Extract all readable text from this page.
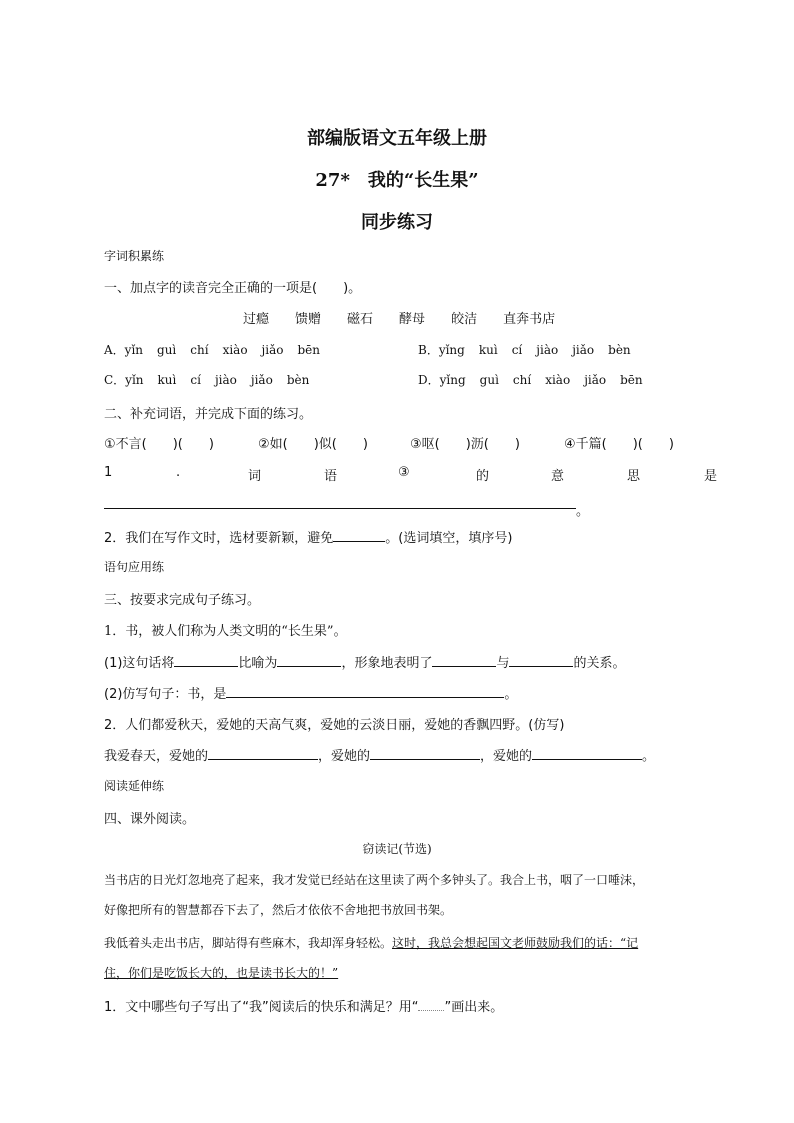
部编版语文五年级上册
27*　我的“长生果”
同步练习
字词积累练
一、加点字的读音完全正确的一项是(　　)。
过瘾 馈赠 磁石 酵母 皎洁 直奔书店
A．yǐn guì chí xiào jiǎo bēn	B．yǐng kuì cí jiào jiǎo bèn
C．yǐn kuì cí jiào jiǎo bèn	D．yǐng guì chí xiào jiǎo bēn
二、补充词语，并完成下面的练习。
①不言(　　)(　　)	②如(　　)似(　　)	③呕(　　)沥(　　)	④千篇(　　)(　　)
1	.	词	语	③	的	意	思	是
。
2．我们在写作文时，选材要新颖，避免	。(选词填空，填序号)
语句应用练
三、按要求完成句子练习。
1．书，被人们称为人类文明的“长生果”。
(1)这句话将	比喻为	，形象地表明了	与	的关系。
(2)仿写句子：书，是	。
2．人们都爱秋天，爱她的天高气爽，爱她的云淡日丽，爱她的香飘四野。(仿写)
我爱春天，爱她的	，爱她的	，爱她的	。
阅读延伸练
四、课外阅读。
窃读记(节选)
当书店的日光灯忽地亮了起来，我才发觉已经站在这里读了两个多钟头了。我合上书，咽了一口唾沫，
好像把所有的智慧都吞下去了，然后才依依不舍地把书放回书架。
我低着头走出书店，脚站得有些麻木，我却浑身轻松。这时，我总会想起国文老师鼓励我们的话：“记
住，你们是吃饭长大的，也是读书长大的！”
1．文中哪些句子写出了“我”阅读后的快乐和满足？用“ ”画出来。
